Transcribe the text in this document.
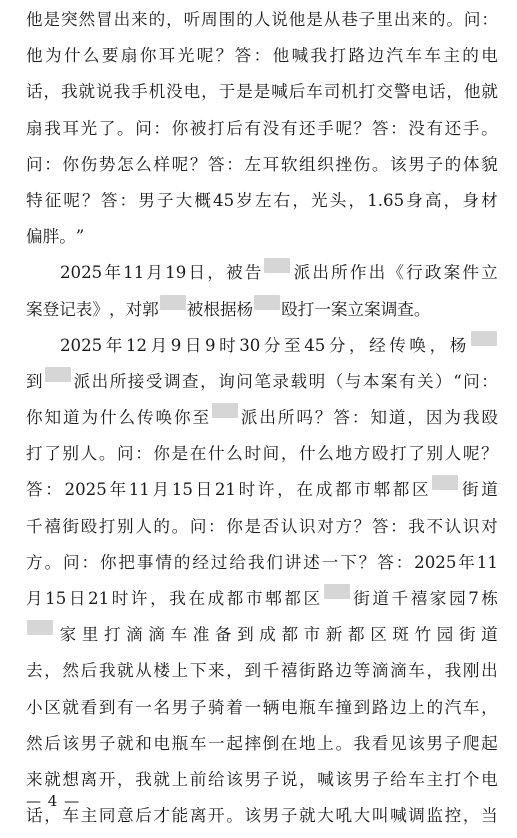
他 是 突 然 冒 出 来 的 ， 听 周 围 的 人 说 他 是 从 巷 子 里 出 来 的 。 问 ：
他 为 什 么 要 扇 你 耳 光 呢 ？ 答 ： 他 喊 我 打 路 边 汽 车 车 主 的 电
话 ， 我 就 说 我 手 机 没 电 ， 于 是 是 喊 后 车 司 机 打 交 警 电 话 ， 他 就
扇 我 耳 光 了 。 问 ： 你 被 打 后 有 没 有 还 手 呢 ？ 答 ： 没 有 还 手 。
问 ： 你 伤 势 怎 么 样 呢 ？ 答 ： 左 耳 软 组 织 挫 伤 。 该 男 子 的 体 貌
特 征 呢 ？ 答 ： 男 子 大 概 45 岁 左 右 ， 光 头 ， 1.65 身 高 ， 身 材
偏 胖 。 ”
2025 年 11 月 19 日 ， 被 告 派 出 所 作 出 《 行 政 案 件 立
案 登 记 表 》 ， 对 郭 被 根 据 杨 殴 打 一 案 立 案 调 查 。
2025 年 12 月 9 日 9 时 30 分 至 45 分 ， 经 传 唤 ， 杨
到 派 出 所 接 受 调 查 ， 询 问 笔 录 载 明 （ 与 本 案 有 关 ） “ 问 ：
你 知 道 为 什 么 传 唤 你 至 派 出 所 吗 ？ 答 ： 知 道 ， 因 为 我 殴
打 了 别 人 。 问 ： 你 是 在 什 么 时 间 ， 什 么 地 方 殴 打 了 别 人 呢 ？
答 ： 2025 年 11 月 15 日 21 时 许 ， 在 成 都 市 郫 都 区 街 道
千 禧 街 殴 打 别 人 的 。 问 ： 你 是 否 认 识 对 方 ？ 答 ： 我 不 认 识 对
方 。 问 ： 你 把 事 情 的 经 过 给 我 们 讲 述 一 下 ？ 答 ： 2025 年 11
月 15 日 21 时 许 ， 我 在 成 都 市 郫 都 区 街 道 千 禧 家 园 7 栋
家 里 打 滴 滴 车 准 备 到 成 都 市 新 都 区 斑 竹 园 街 道
去 ， 然 后 我 就 从 楼 上 下 来 ， 到 千 禧 街 路 边 等 滴 滴 车 ， 我 刚 出
小 区 就 看 到 有 一 名 男 子 骑 着 一 辆 电 瓶 车 撞 到 路 边 上 的 汽 车 ，
然 后 该 男 子 就 和 电 瓶 车 一 起 摔 倒 在 地 上 。 我 看 见 该 男 子 爬 起
来 就 想 离 开 ， 我 就 上 前 给 该 男 子 说 ， 喊 该 男 子 给 车 主 打 个 电
话 ， 车 主 同 意 后 才 能 离 开 。 该 男 子 就 大 吼 大 叫 喊 调 监 控 ， 当
— 4 —
